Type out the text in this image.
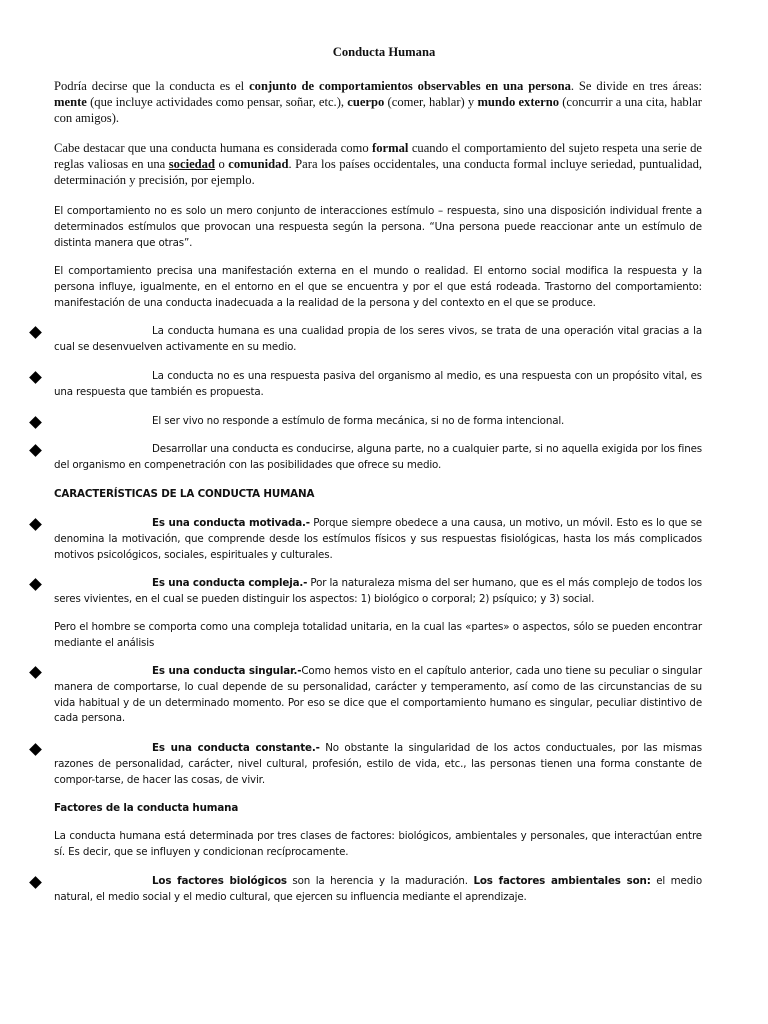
Conducta Humana

Podría decirse que la conducta es el conjunto de comportamientos observables en una persona. Se divide en tres áreas: mente (que incluye actividades como pensar, soñar, etc.), cuerpo (comer, hablar) y mundo externo (concurrir a una cita, hablar con amigos).

Cabe destacar que una conducta humana es considerada como formal cuando el comportamiento del sujeto respeta una serie de reglas valiosas en una sociedad o comunidad. Para los países occidentales, una conducta formal incluye seriedad, puntualidad, determinación y precisión, por ejemplo.

El comportamiento no es solo un mero conjunto de interacciones estímulo – respuesta, sino una disposición individual frente a determinados estímulos que provocan una respuesta según la persona. “Una persona puede reaccionar ante un estímulo de distinta manera que otras”.

El comportamiento precisa una manifestación externa en el mundo o realidad. El entorno social modifica la respuesta y la persona influye, igualmente, en el entorno en el que se encuentra y por el que está rodeada. Trastorno del comportamiento: manifestación de una conducta inadecuada a la realidad de la persona y del contexto en el que se produce.

La conducta humana es una cualidad propia de los seres vivos, se trata de una operación vital gracias a la cual se desenvuelven activamente en su medio.

La conducta no es una respuesta pasiva del organismo al medio, es una respuesta con un propósito vital, es una respuesta que también es propuesta.

El ser vivo no responde a estímulo de forma mecánica, si no de forma intencional.

Desarrollar una conducta es conducirse, alguna parte, no a cualquier parte, si no aquella exigida por los fines del organismo en compenetración con las posibilidades que ofrece su medio.

CARACTERÍSTICAS DE LA CONDUCTA HUMANA

Es una conducta motivada.- Porque siempre obedece a una causa, un motivo, un móvil. Esto es lo que se denomina la motivación, que comprende desde los estímulos físicos y sus respuestas fisiológicas, hasta los más complicados motivos psicológicos, sociales, espirituales y culturales.

Es una conducta compleja.- Por la naturaleza misma del ser humano, que es el más complejo de todos los seres vivientes, en el cual se pueden distinguir los aspectos: 1) biológico o corporal; 2) psíquico; y 3) social.

Pero el hombre se comporta como una compleja totalidad unitaria, en la cual las «partes» o aspectos, sólo se pueden encontrar mediante el análisis

Es una conducta singular.-Como hemos visto en el capítulo anterior, cada uno tiene su peculiar o singular manera de comportarse, lo cual depende de su personalidad, carácter y temperamento, así como de las circunstancias de su vida habitual y de un determinado momento. Por eso se dice que el comportamiento humano es singular, peculiar distintivo de cada persona.

Es una conducta constante.- No obstante la singularidad de los actos conductuales, por las mismas razones de personalidad, carácter, nivel cultural, profesión, estilo de vida, etc., las personas tienen una forma constante de compor-tarse, de hacer las cosas, de vivir.

Factores de la conducta humana

La conducta humana está determinada por tres clases de factores: biológicos, ambientales y personales, que interactúan entre sí. Es decir, que se influyen y condicionan recíprocamente.

Los factores biológicos son la herencia y la maduración. Los factores ambientales son: el medio natural, el medio social y el medio cultural, que ejercen su influencia mediante el aprendizaje.
